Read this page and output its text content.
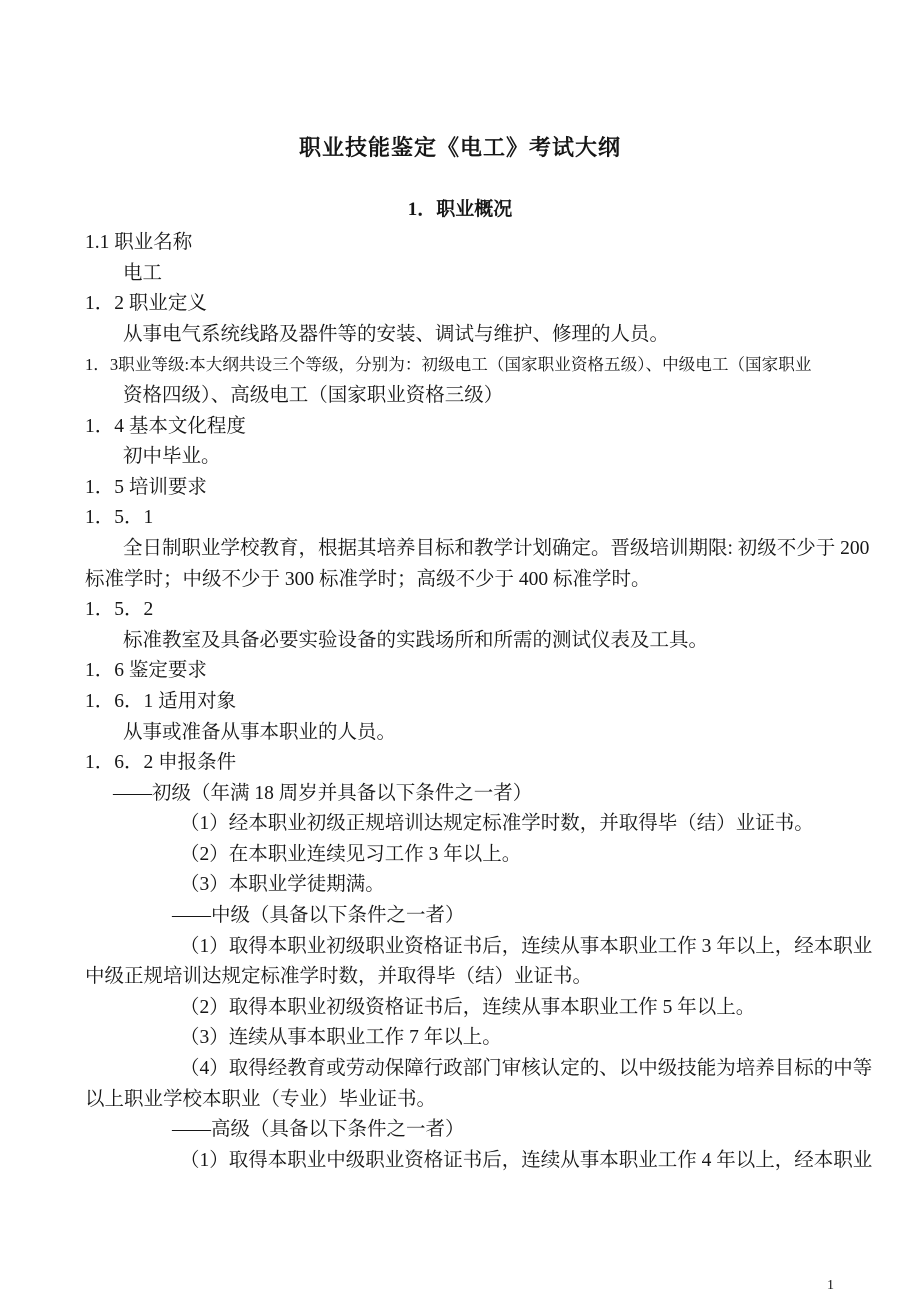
职业技能鉴定《电工》考试大纲
1．职业概况
1.1 职业名称
电工
1．2 职业定义
从事电气系统线路及器件等的安装、调试与维护、修理的人员。
1．3职业等级:本大纲共设三个等级，分别为：初级电工（国家职业资格五级）、中级电工（国家职业
资格四级）、高级电工（国家职业资格三级）
1．4 基本文化程度
初中毕业。
1．5 培训要求
1．5．1
全日制职业学校教育，根据其培养目标和教学计划确定。晋级培训期限: 初级不少于 200
标准学时；中级不少于 300 标准学时；高级不少于 400 标准学时。
1．5．2
标准教室及具备必要实验设备的实践场所和所需的测试仪表及工具。
1．6 鉴定要求
1．6．1 适用对象
从事或准备从事本职业的人员。
1．6．2 申报条件
——初级（年满 18 周岁并具备以下条件之一者）
（1）经本职业初级正规培训达规定标准学时数，并取得毕（结）业证书。
（2）在本职业连续见习工作 3 年以上。
（3）本职业学徒期满。
——中级（具备以下条件之一者）
（1）取得本职业初级职业资格证书后，连续从事本职业工作 3 年以上，经本职业
中级正规培训达规定标准学时数，并取得毕（结）业证书。
（2）取得本职业初级资格证书后，连续从事本职业工作 5 年以上。
（3）连续从事本职业工作 7 年以上。
（4）取得经教育或劳动保障行政部门审核认定的、以中级技能为培养目标的中等
以上职业学校本职业（专业）毕业证书。
——高级（具备以下条件之一者）
（1）取得本职业中级职业资格证书后，连续从事本职业工作 4 年以上，经本职业
1
